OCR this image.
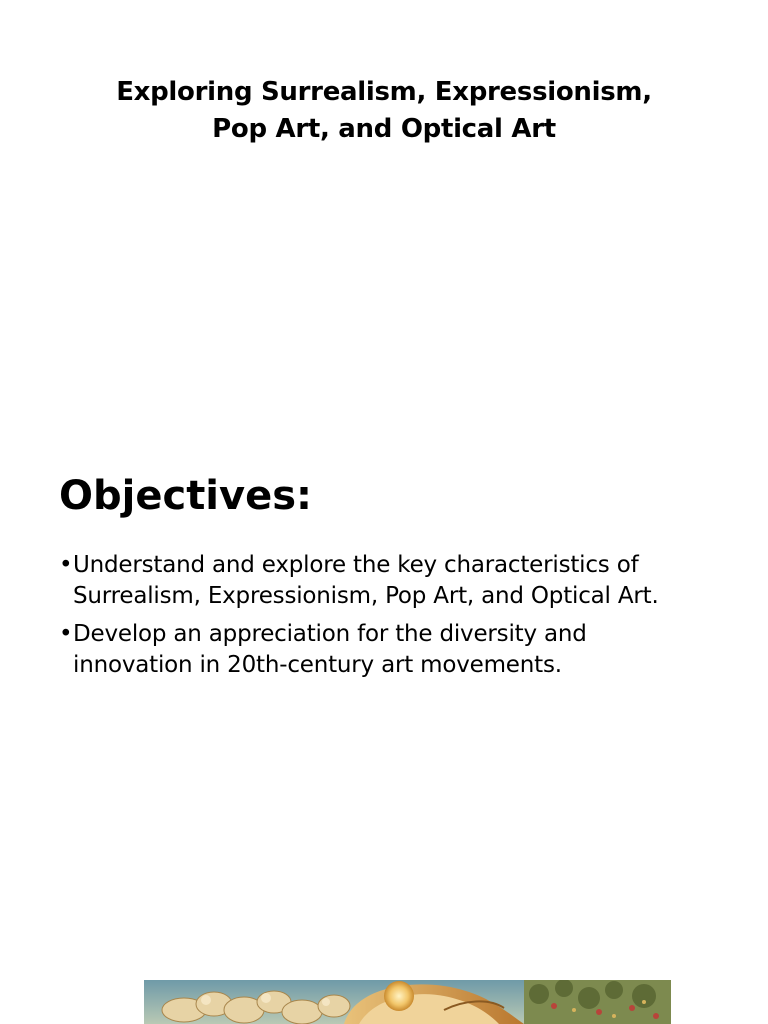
Exploring Surrealism, Expressionism,
Pop Art, and Optical Art
Objectives:
• Understand and explore the key characteristics of
Surrealism, Expressionism, Pop Art, and Optical Art.
• Develop an appreciation for the diversity and
innovation in 20th-century art movements.
